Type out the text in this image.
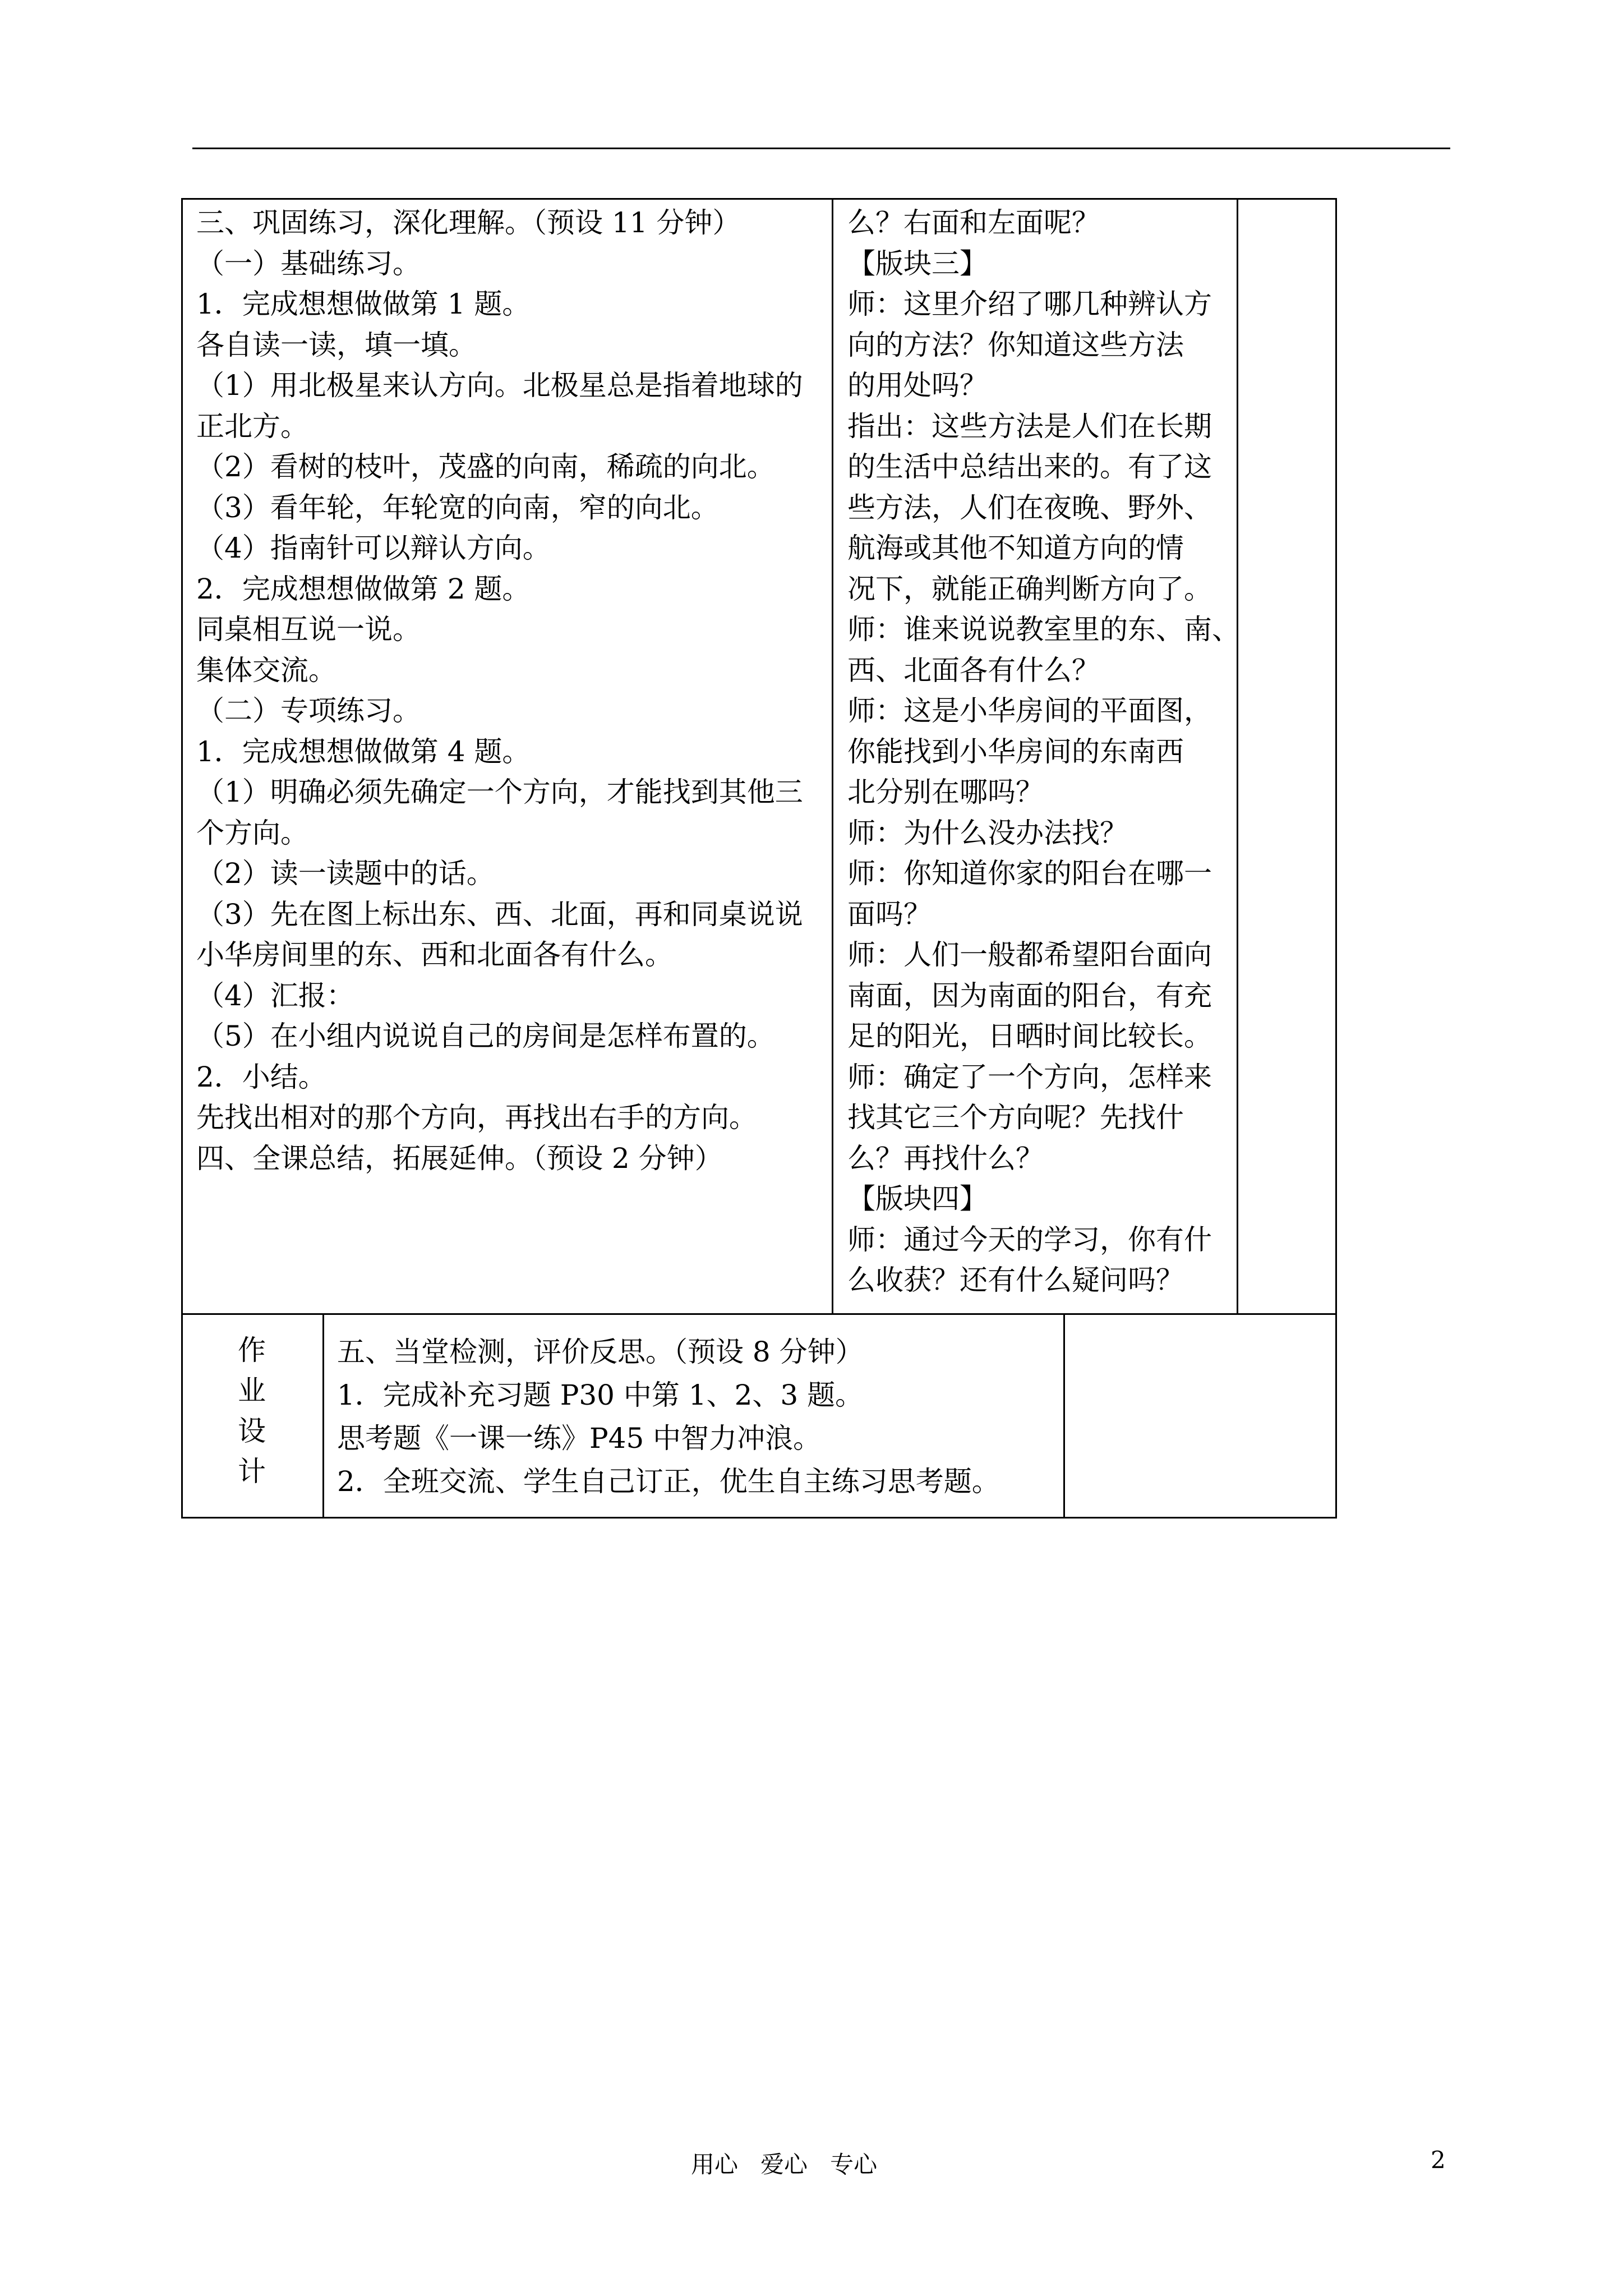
三、巩固练习，深化理解。（预设 11 分钟）
（一）基础练习。
1．完成想想做做第 1 题。
各自读一读，填一填。
（1）用北极星来认方向。北极星总是指着地球的
正北方。
（2）看树的枝叶，茂盛的向南，稀疏的向北。
（3）看年轮，年轮宽的向南，窄的向北。
（4）指南针可以辩认方向。
2．完成想想做做第 2 题。
同桌相互说一说。
集体交流。
（二）专项练习。
1．完成想想做做第 4 题。
（1）明确必须先确定一个方向，才能找到其他三
个方向。
（2）读一读题中的话。
（3）先在图上标出东、西、北面，再和同桌说说
小华房间里的东、西和北面各有什么。
（4）汇报：
（5）在小组内说说自己的房间是怎样布置的。
2．小结。
先找出相对的那个方向，再找出右手的方向。
四、全课总结，拓展延伸。（预设 2 分钟）
么？右面和左面呢？
【版块三】
师：这里介绍了哪几种辨认方
向的方法？你知道这些方法
的用处吗？
指出：这些方法是人们在长期
的生活中总结出来的。有了这
些方法，人们在夜晚、野外、
航海或其他不知道方向的情
况下，就能正确判断方向了。
师：谁来说说教室里的东、南、
西、北面各有什么？
师：这是小华房间的平面图，
你能找到小华房间的东南西
北分别在哪吗？
师：为什么没办法找？
师：你知道你家的阳台在哪一
面吗？
师：人们一般都希望阳台面向
南面，因为南面的阳台，有充
足的阳光，日晒时间比较长。
师：确定了一个方向，怎样来
找其它三个方向呢？先找什
么？再找什么？
【版块四】
师：通过今天的学习，你有什
么收获？还有什么疑问吗？
作
业
设
计
五、当堂检测，评价反思。（预设 8 分钟）
1．完成补充习题 P30 中第 1、2、3 题。
思考题《一课一练》P45 中智力冲浪。
2．全班交流、学生自己订正，优生自主练习思考题。
用心   爱心   专心	2
